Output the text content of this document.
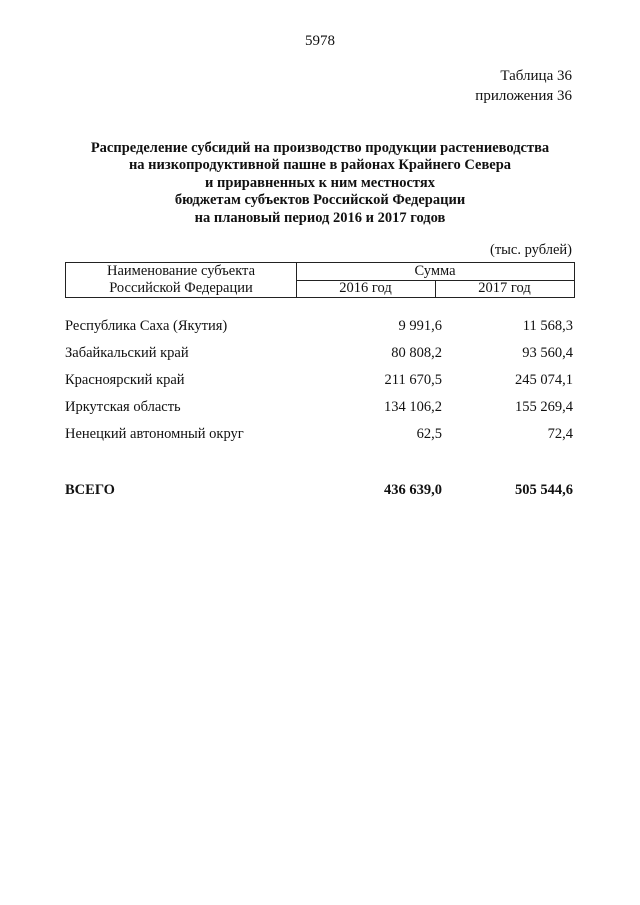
5978
Таблица 36
приложения 36
Распределение субсидий на производство продукции растениеводства
на низкопродуктивной пашне в районах Крайнего Севера
и приравненных к ним местностях
бюджетам субъектов Российской Федерации
на плановый период 2016 и 2017 годов
(тыс. рублей)
Наименование субъекта
Российской Федерации
Сумма
2016 год	2017 год
Республика Саха (Якутия)	9 991,6	11 568,3
Забайкальский край	80 808,2	93 560,4
Красноярский край	211 670,5	245 074,1
Иркутская область	134 106,2	155 269,4
Ненецкий автономный округ	62,5	72,4
ВСЕГО	436 639,0	505 544,6
